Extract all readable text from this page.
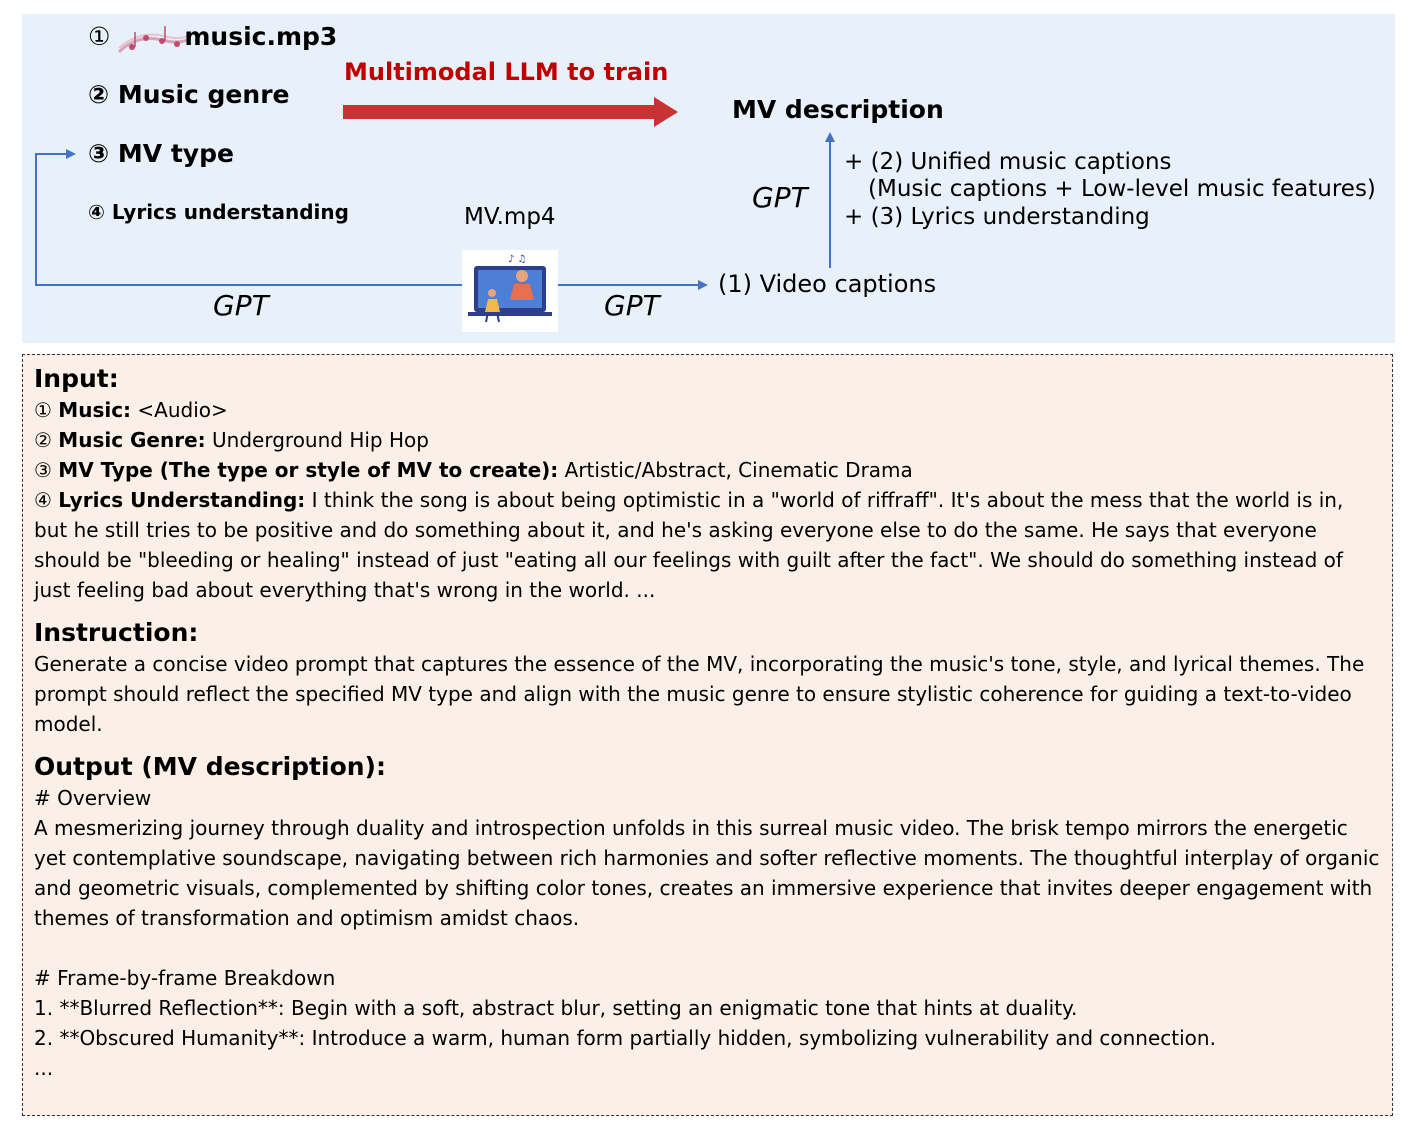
♪ ♫
①	music.mp3
② Music genre
③ MV type
④ Lyrics understanding
Multimodal LLM to train
MV description
MV.mp4
GPT	GPT
GPT
(1) Video captions
+ (2) Unified music captions
(Music captions + Low-level music features)
+ (3) Lyrics understanding
Input:

① Music: <Audio>

② Music Genre: Underground Hip Hop

③ MV Type (The type or style of MV to create): Artistic/Abstract, Cinematic Drama

④ Lyrics Understanding: I think the song is about being optimistic in a "world of riffraff". It's about the mess that the world is in, but he still tries to be positive and do something about it, and he's asking everyone else to do the same. He says that everyone should be "bleeding or healing" instead of just "eating all our feelings with guilt after the fact". We should do something instead of just feeling bad about everything that's wrong in the world. ...

Instruction:

Generate a concise video prompt that captures the essence of the MV, incorporating the music's tone, style, and lyrical themes. The prompt should reflect the specified MV type and align with the music genre to ensure stylistic coherence for guiding a text-to-video model.

Output (MV description):

# Overview

A mesmerizing journey through duality and introspection unfolds in this surreal music video. The brisk tempo mirrors the energetic yet contemplative soundscape, navigating between rich harmonies and softer reflective moments. The thoughtful interplay of organic and geometric visuals, complemented by shifting color tones, creates an immersive experience that invites deeper engagement with themes of transformation and optimism amidst chaos.

# Frame-by-frame Breakdown

1. **Blurred Reflection**: Begin with a soft, abstract blur, setting an enigmatic tone that hints at duality.

2. **Obscured Humanity**: Introduce a warm, human form partially hidden, symbolizing vulnerability and connection.

...
